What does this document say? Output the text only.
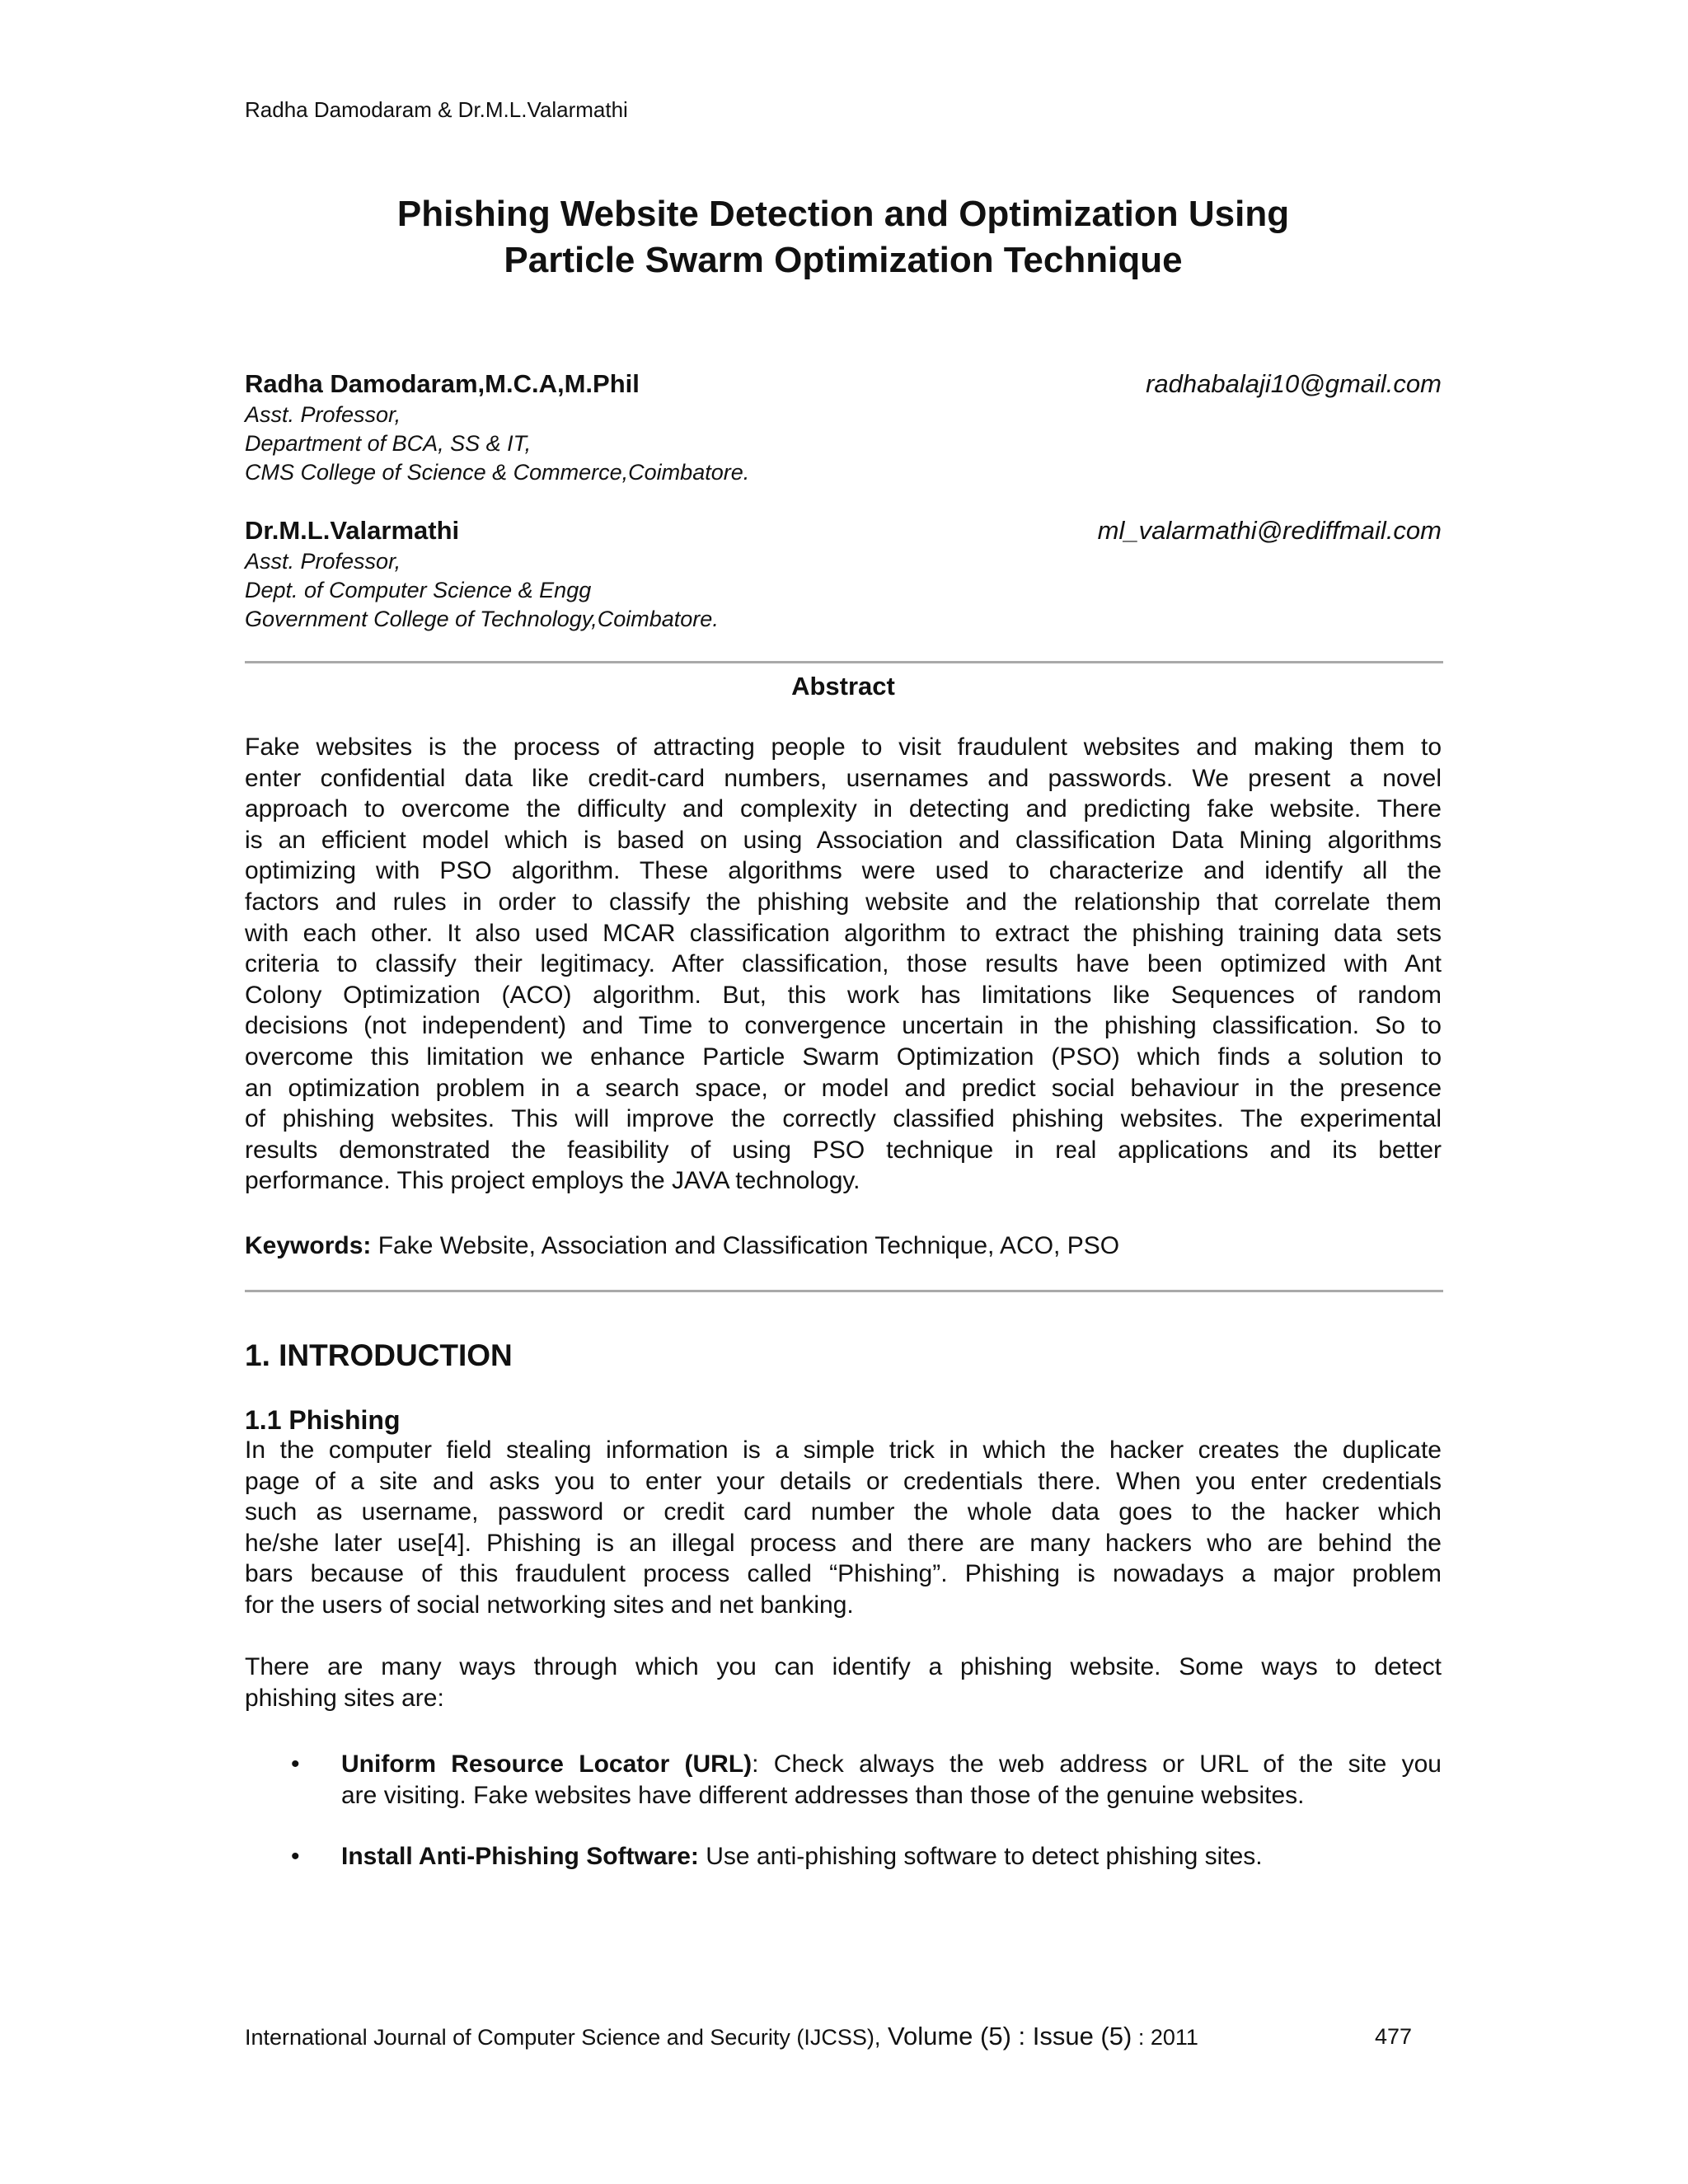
Radha Damodaram & Dr.M.L.Valarmathi
Phishing Website Detection and Optimization Using
Particle Swarm Optimization Technique
Radha Damodaram,M.C.A,M.Phil	radhabalaji10@gmail.com
Asst. Professor,
Department of BCA, SS & IT,
CMS College of Science & Commerce,Coimbatore.
Dr.M.L.Valarmathi	ml_valarmathi@rediffmail.com
Asst. Professor,
Dept. of Computer Science & Engg
Government College of Technology,Coimbatore.
Abstract
Fake websites is the process of attracting people to visit fraudulent websites and making them to
enter confidential data like credit-card numbers, usernames and passwords. We present a novel
approach to overcome the difficulty and complexity in detecting and predicting fake website. There
is an efficient model which is based on using Association and classification Data Mining algorithms
optimizing with PSO algorithm. These algorithms were used to characterize and identify all the
factors and rules in order to classify the phishing website and the relationship that correlate them
with each other. It also used MCAR classification algorithm to extract the phishing training data sets
criteria to classify their legitimacy. After classification, those results have been optimized with Ant
Colony Optimization (ACO) algorithm. But, this work has limitations like Sequences of random
decisions (not independent) and Time to convergence uncertain in the phishing classification. So to
overcome this limitation we enhance Particle Swarm Optimization (PSO) which finds a solution to
an optimization problem in a search space, or model and predict social behaviour in the presence
of phishing websites. This will improve the correctly classified phishing websites. The experimental
results demonstrated the feasibility of using PSO technique in real applications and its better
performance. This project employs the JAVA technology.
Keywords: Fake Website, Association and Classification Technique, ACO, PSO
1. INTRODUCTION
1.1 Phishing
In the computer field stealing information is a simple trick in which the hacker creates the duplicate
page of a site and asks you to enter your details or credentials there. When you enter credentials
such as username, password or credit card number the whole data goes to the hacker which
he/she later use[4]. Phishing is an illegal process and there are many hackers who are behind the
bars because of this fraudulent process called “Phishing”. Phishing is nowadays a major problem
for the users of social networking sites and net banking.
There are many ways through which you can identify a phishing website. Some ways to detect
phishing sites are:
• Uniform Resource Locator (URL): Check always the web address or URL of the site you
are visiting. Fake websites have different addresses than those of the genuine websites.
• Install Anti-Phishing Software: Use anti-phishing software to detect phishing sites.
International Journal of Computer Science and Security (IJCSS), Volume (5) : Issue (5) : 2011	477
